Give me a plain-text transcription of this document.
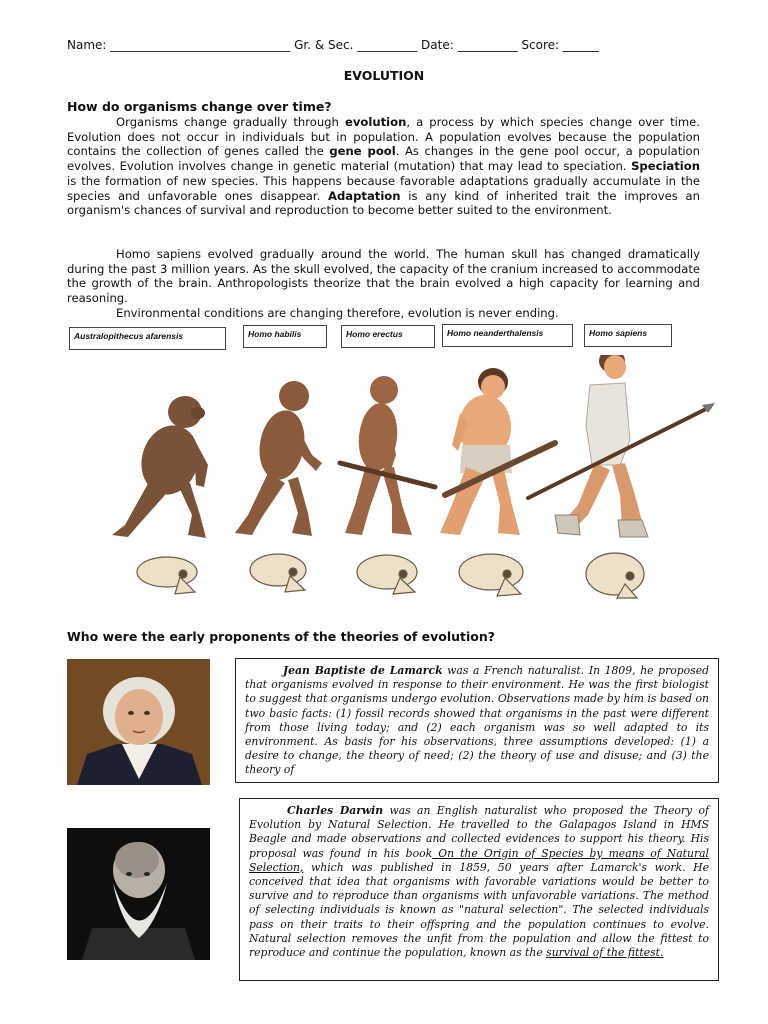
Name: ______________________________ Gr. & Sec. __________ Date: __________ Score: ______
EVOLUTION
How do organisms change over time?
Organisms change gradually through evolution, a process by which species change over time. Evolution does not occur in individuals but in population. A population evolves because the population contains the collection of genes called the gene pool. As changes in the gene pool occur, a population evolves. Evolution involves change in genetic material (mutation) that may lead to speciation. Speciation is the formation of new species. This happens because favorable adaptations gradually accumulate in the species and unfavorable ones disappear. Adaptation is any kind of inherited trait the improves an organism's chances of survival and reproduction to become better suited to the environment.
Homo sapiens evolved gradually around the world. The human skull has changed dramatically during the past 3 million years. As the skull evolved, the capacity of the cranium increased to accommodate the growth of the brain. Anthropologists theorize that the brain evolved a high capacity for learning and reasoning.
Environmental conditions are changing therefore, evolution is never ending.
Australopithecus afarensis	Homo habilis	Homo erectus	Homo neanderthalensis	Homo sapiens
Who were the early proponents of the theories of evolution?
Jean Baptiste de Lamarck was a French naturalist. In 1809, he proposed that organisms evolved in response to their environment. He was the first biologist to suggest that organisms undergo evolution. Observations made by him is based on two basic facts: (1) fossil records showed that organisms in the past were different from those living today; and (2) each organism was so well adapted to its environment. As basis for his observations, three assumptions developed: (1) a desire to change, the theory of need; (2) the theory of use and disuse; and (3) the theory of
Charles Darwin was an English naturalist who proposed the Theory of Evolution by Natural Selection. He travelled to the Galapagos Island in HMS Beagle and made observations and collected evidences to support his theory. His proposal was found in his book On the Origin of Species by means of Natural Selection, which was published in 1859, 50 years after Lamarck's work. He conceived that idea that organisms with favorable variations would be better to survive and to reproduce than organisms with unfavorable variations. The method of selecting individuals is known as "natural selection". The selected individuals pass on their traits to their offspring and the population continues to evolve. Natural selection removes the unfit from the population and allow the fittest to reproduce and continue the population, known as the survival of the fittest.
